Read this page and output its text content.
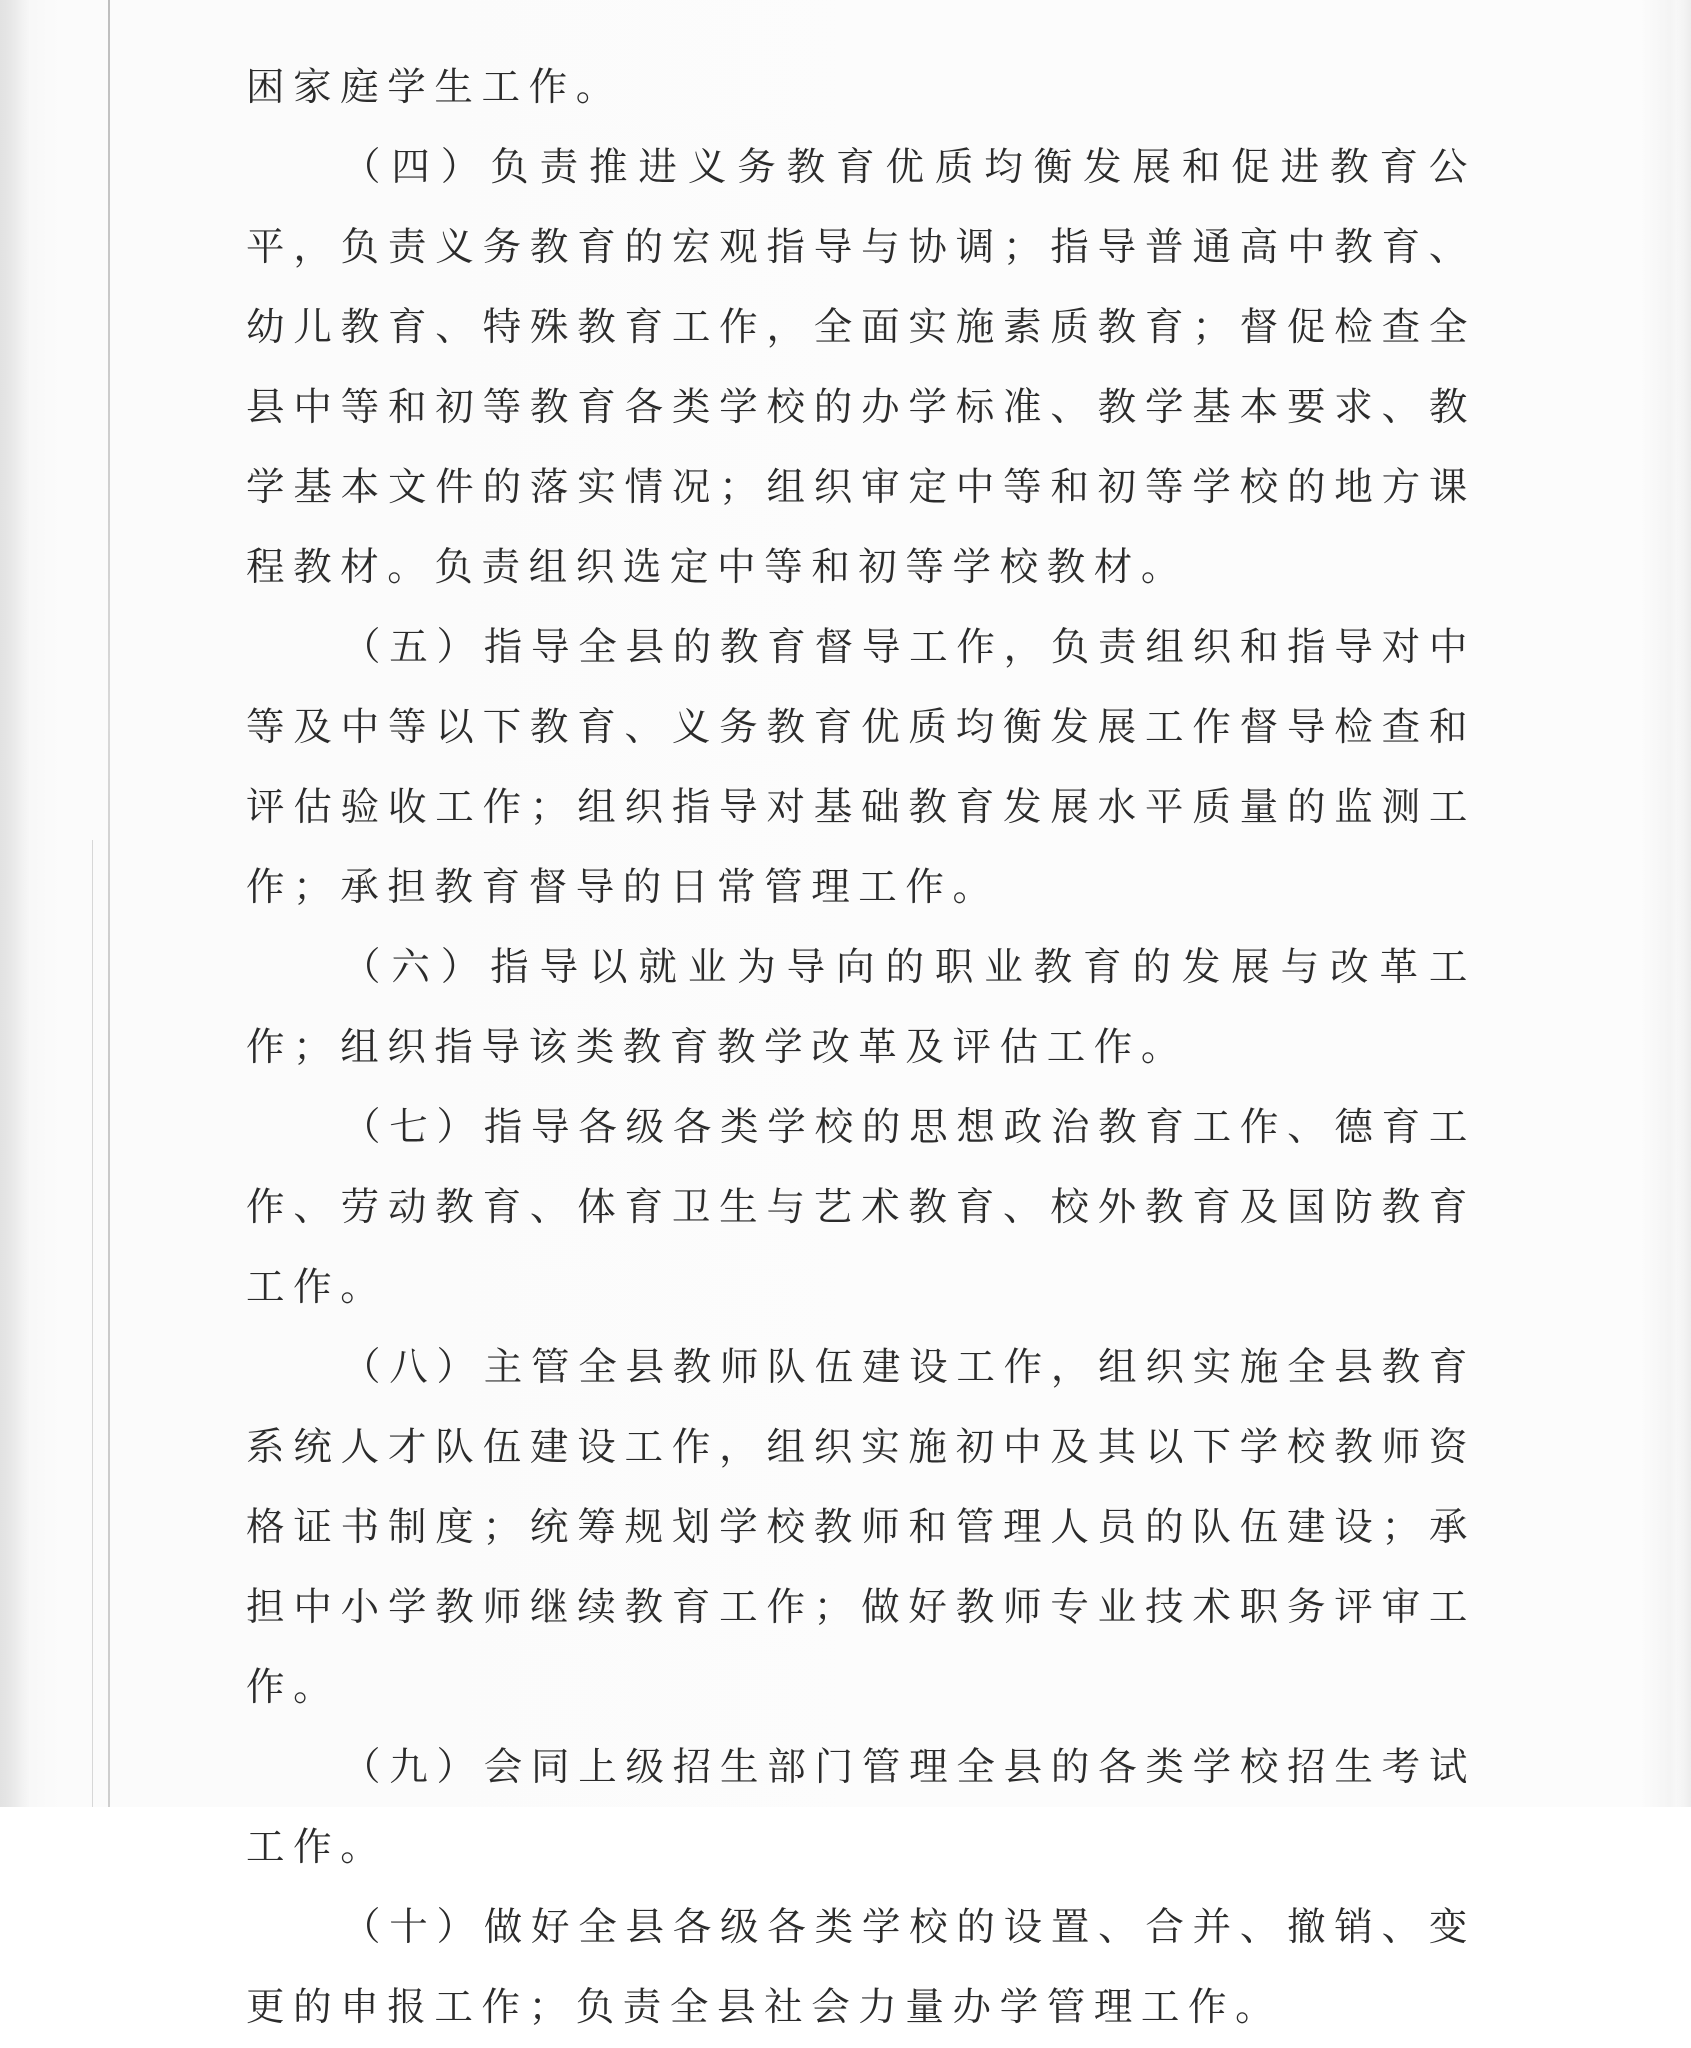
困家庭学生工作。

（四）负责推进义务教育优质均衡发展和促进教育公平，负责义务教育的宏观指导与协调；指导普通高中教育、幼儿教育、特殊教育工作，全面实施素质教育；督促检查全县中等和初等教育各类学校的办学标准、教学基本要求、教学基本文件的落实情况；组织审定中等和初等学校的地方课程教材。负责组织选定中等和初等学校教材。

（五）指导全县的教育督导工作，负责组织和指导对中等及中等以下教育、义务教育优质均衡发展工作督导检查和评估验收工作；组织指导对基础教育发展水平质量的监测工作；承担教育督导的日常管理工作。

（六）指导以就业为导向的职业教育的发展与改革工作；组织指导该类教育教学改革及评估工作。

（七）指导各级各类学校的思想政治教育工作、德育工作、劳动教育、体育卫生与艺术教育、校外教育及国防教育工作。

（八）主管全县教师队伍建设工作，组织实施全县教育系统人才队伍建设工作，组织实施初中及其以下学校教师资格证书制度；统筹规划学校教师和管理人员的队伍建设；承担中小学教师继续教育工作；做好教师专业技术职务评审工作。

（九）会同上级招生部门管理全县的各类学校招生考试工作。

（十）做好全县各级各类学校的设置、合并、撤销、变更的申报工作；负责全县社会力量办学管理工作。
